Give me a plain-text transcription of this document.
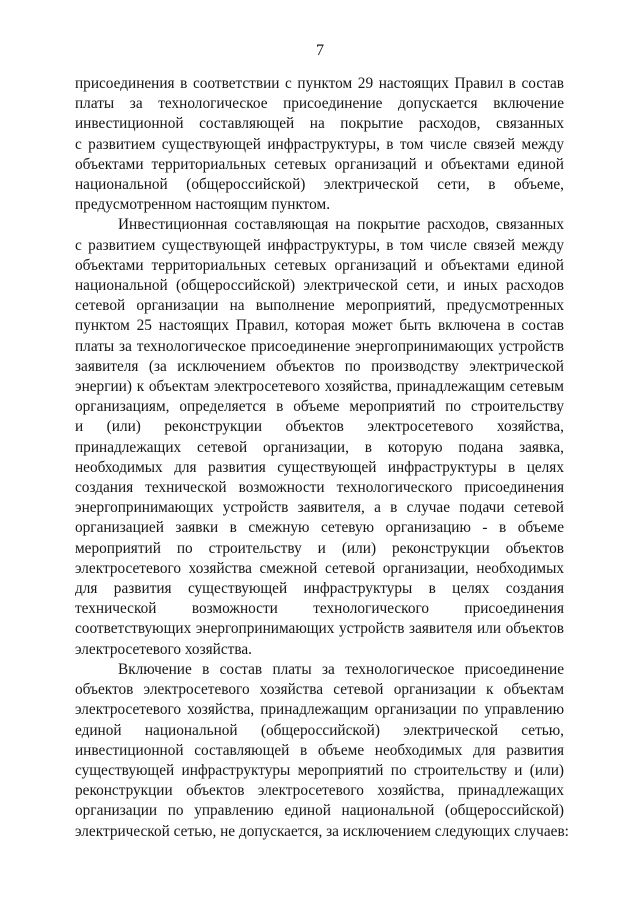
7
присоединения в соответствии с пунктом 29 настоящих Правил в состав
платы за технологическое присоединение допускается включение
инвестиционной составляющей на покрытие расходов, связанных
с развитием существующей инфраструктуры, в том числе связей между
объектами территориальных сетевых организаций и объектами единой
национальной (общероссийской) электрической сети, в объеме,
предусмотренном настоящим пунктом.
Инвестиционная составляющая на покрытие расходов, связанных
с развитием существующей инфраструктуры, в том числе связей между
объектами территориальных сетевых организаций и объектами единой
национальной (общероссийской) электрической сети, и иных расходов
сетевой организации на выполнение мероприятий, предусмотренных
пунктом 25 настоящих Правил, которая может быть включена в состав
платы за технологическое присоединение энергопринимающих устройств
заявителя (за исключением объектов по производству электрической
энергии) к объектам электросетевого хозяйства, принадлежащим сетевым
организациям, определяется в объеме мероприятий по строительству
и (или) реконструкции объектов электросетевого хозяйства,
принадлежащих сетевой организации, в которую подана заявка,
необходимых для развития существующей инфраструктуры в целях
создания технической возможности технологического присоединения
энергопринимающих устройств заявителя, а в случае подачи сетевой
организацией заявки в смежную сетевую организацию - в объеме
мероприятий по строительству и (или) реконструкции объектов
электросетевого хозяйства смежной сетевой организации, необходимых
для развития существующей инфраструктуры в целях создания
технической возможности технологического присоединения
соответствующих энергопринимающих устройств заявителя или объектов
электросетевого хозяйства.
Включение в состав платы за технологическое присоединение
объектов электросетевого хозяйства сетевой организации к объектам
электросетевого хозяйства, принадлежащим организации по управлению
единой национальной (общероссийской) электрической сетью,
инвестиционной составляющей в объеме необходимых для развития
существующей инфраструктуры мероприятий по строительству и (или)
реконструкции объектов электросетевого хозяйства, принадлежащих
организации по управлению единой национальной (общероссийской)
электрической сетью, не допускается, за исключением следующих случаев:
